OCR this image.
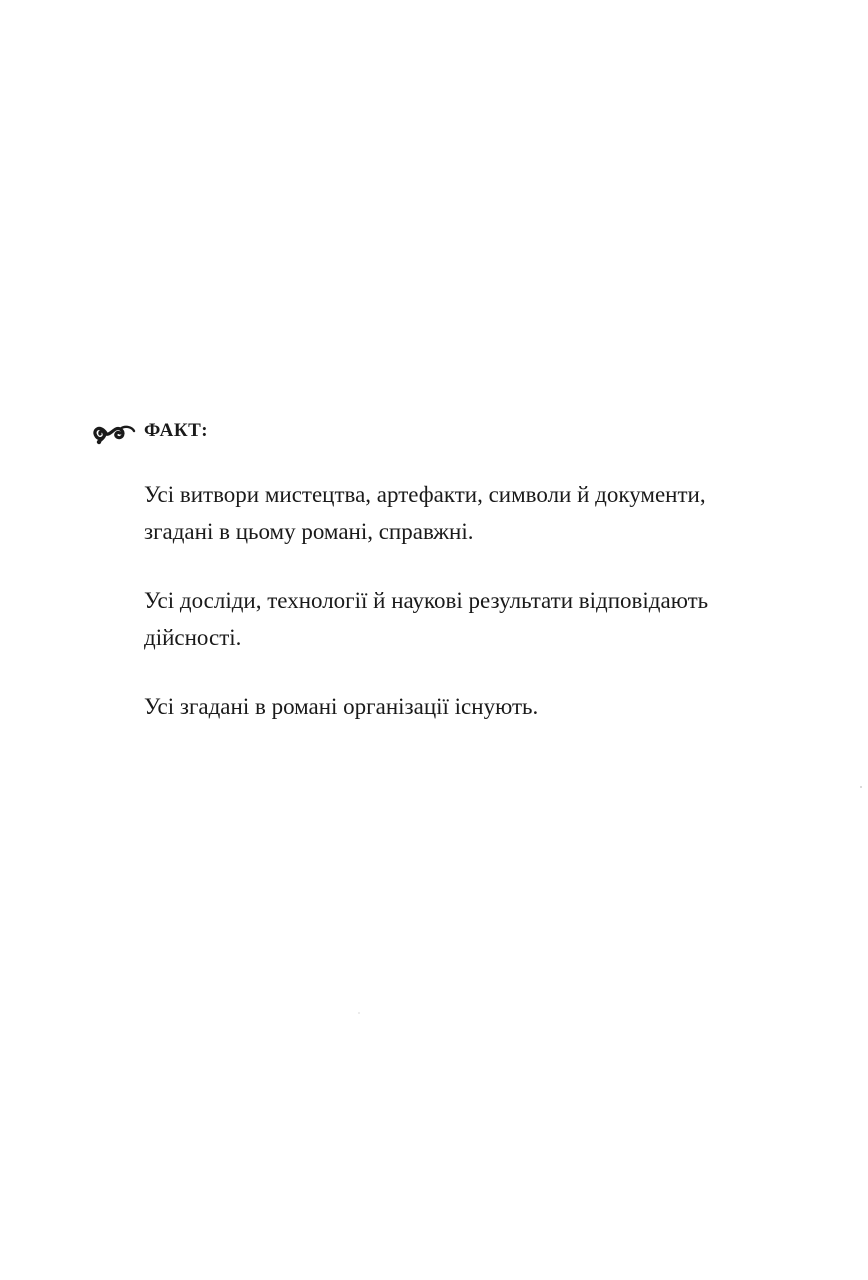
ФАКТ:

Усі витвори мистецтва, артефакти, символи й документи,
згадані в цьому романі, справжні.

Усі досліди, технології й наукові результати відповідають
дійсності.

Усі згадані в романі організації існують.
